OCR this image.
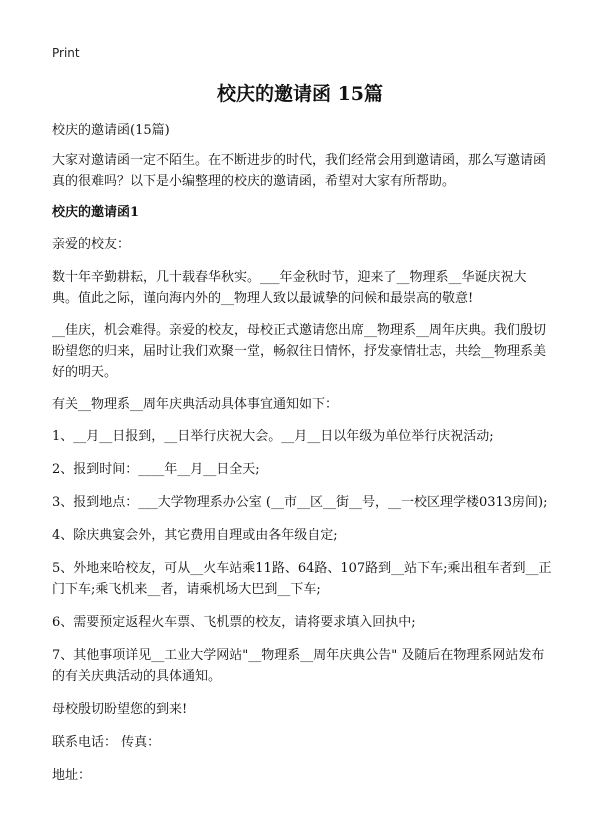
Print
校庆的邀请函 15篇

校庆的邀请函(15篇)

大家对邀请函一定不陌生。在不断进步的时代，我们经常会用到邀请函，那么写邀请函真的很难吗？以下是小编整理的校庆的邀请函，希望对大家有所帮助。

校庆的邀请函1

亲爱的校友：

数十年辛勤耕耘，几十载春华秋实。___年金秋时节，迎来了__物理系__华诞庆祝大典。值此之际，谨向海内外的__物理人致以最诚挚的问候和最崇高的敬意!

__佳庆，机会难得。亲爱的校友，母校正式邀请您出席__物理系__周年庆典。我们殷切盼望您的归来，届时让我们欢聚一堂，畅叙往日情怀，抒发豪情壮志，共绘__物理系美好的明天。

有关__物理系__周年庆典活动具体事宜通知如下：

1、__月__日报到，__日举行庆祝大会。__月__日以年级为单位举行庆祝活动;

2、报到时间：____年__月__日全天;

3、报到地点：___大学物理系办公室 (__市__区__街__号，__一校区理学楼0313房间);

4、除庆典宴会外，其它费用自理或由各年级自定;

5、外地来哈校友，可从__火车站乘11路、64路、107路到__站下车;乘出租车者到__正门下车;乘飞机来__者，请乘机场大巴到__下车;

6、需要预定返程火车票、飞机票的校友，请将要求填入回执中;

7、其他事项详见__工业大学网站"__物理系__周年庆典公告" 及随后在物理系网站发布的有关庆典活动的具体通知。

母校殷切盼望您的到来!

联系电话： 传真：

地址：
